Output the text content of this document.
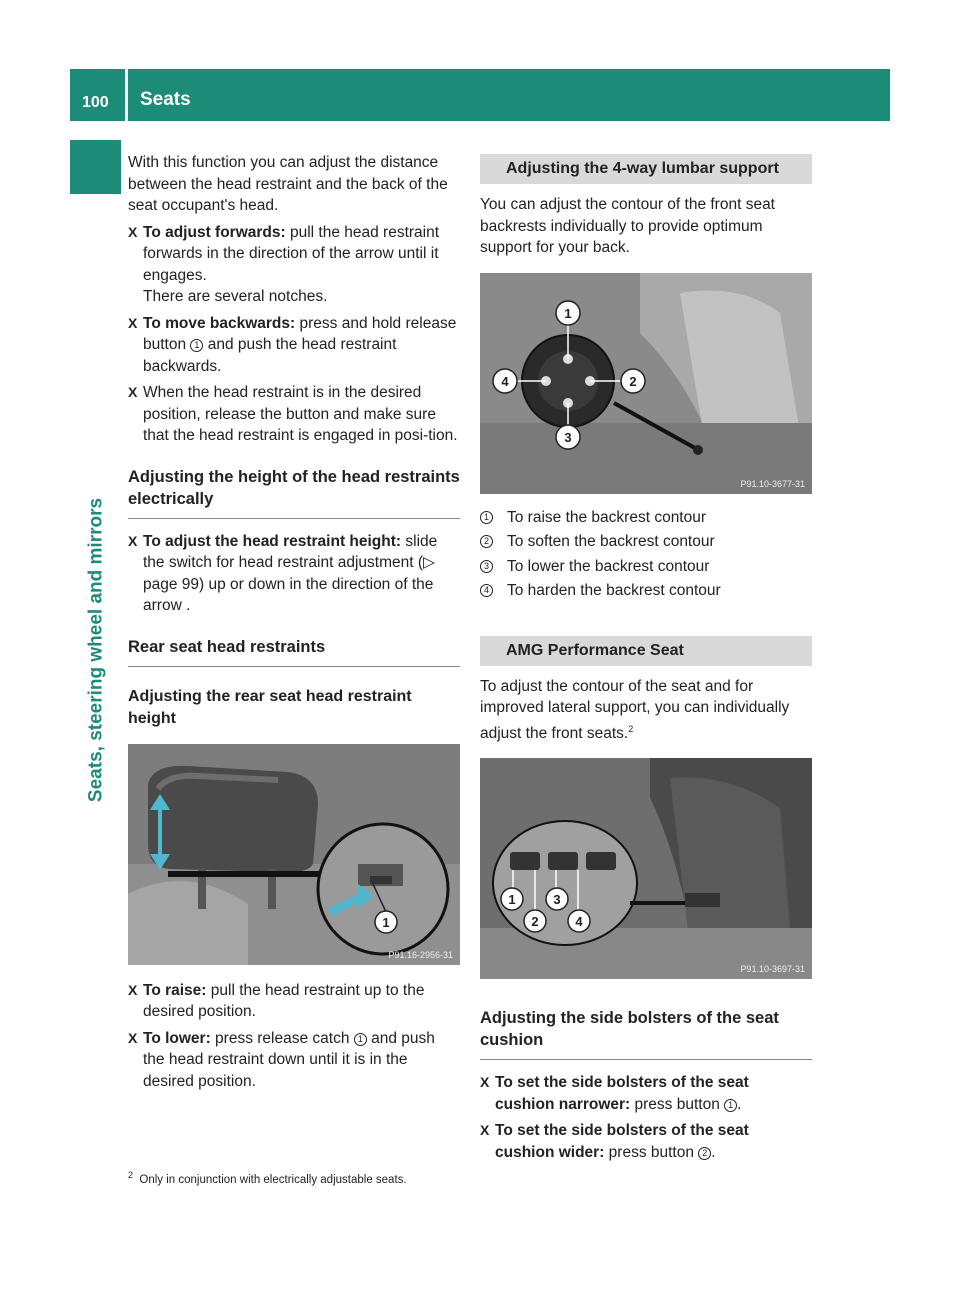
100 Seats
Seats, steering wheel and mirrors

With this function you can adjust the distance between the head restraint and the back of the seat occupant's head.

X To adjust forwards: pull the head restraint forwards in the direction of the arrow until it engages.
There are several notches.
X To move backwards: press and hold release button 1 and push the head restraint backwards.
X When the head restraint is in the desired position, release the button and make sure that the head restraint is engaged in posi-tion.
Adjusting the height of the head restraints electrically
X To adjust the head restraint height: slide the switch for head restraint adjustment (▷ page 99) up or down in the direction of the arrow .
Rear seat head restraints
Adjusting the rear seat head restraint height
1
P91.16-2956-31
X To raise: pull the head restraint up to the desired position.
X To lower: press release catch 1 and push the head restraint down until it is in the desired position.
Adjusting the 4-way lumbar support

You can adjust the contour of the front seat backrests individually to provide optimum support for your back.

1
2
3
4
P91.10-3677-31
1 To raise the backrest contour
2 To soften the backrest contour
3 To lower the backrest contour
4 To harden the backrest contour
AMG Performance Seat

To adjust the contour of the seat and for improved lateral support, you can individually adjust the front seats.$^2$

1
2
3
4
P91.10-3697-31
Adjusting the side bolsters of the seat cushion
X To set the side bolsters of the seat cushion narrower: press button 1 .
X To set the side bolsters of the seat cushion wider: press button 2 .
$^2$ Only in conjunction with electrically adjustable seats.
